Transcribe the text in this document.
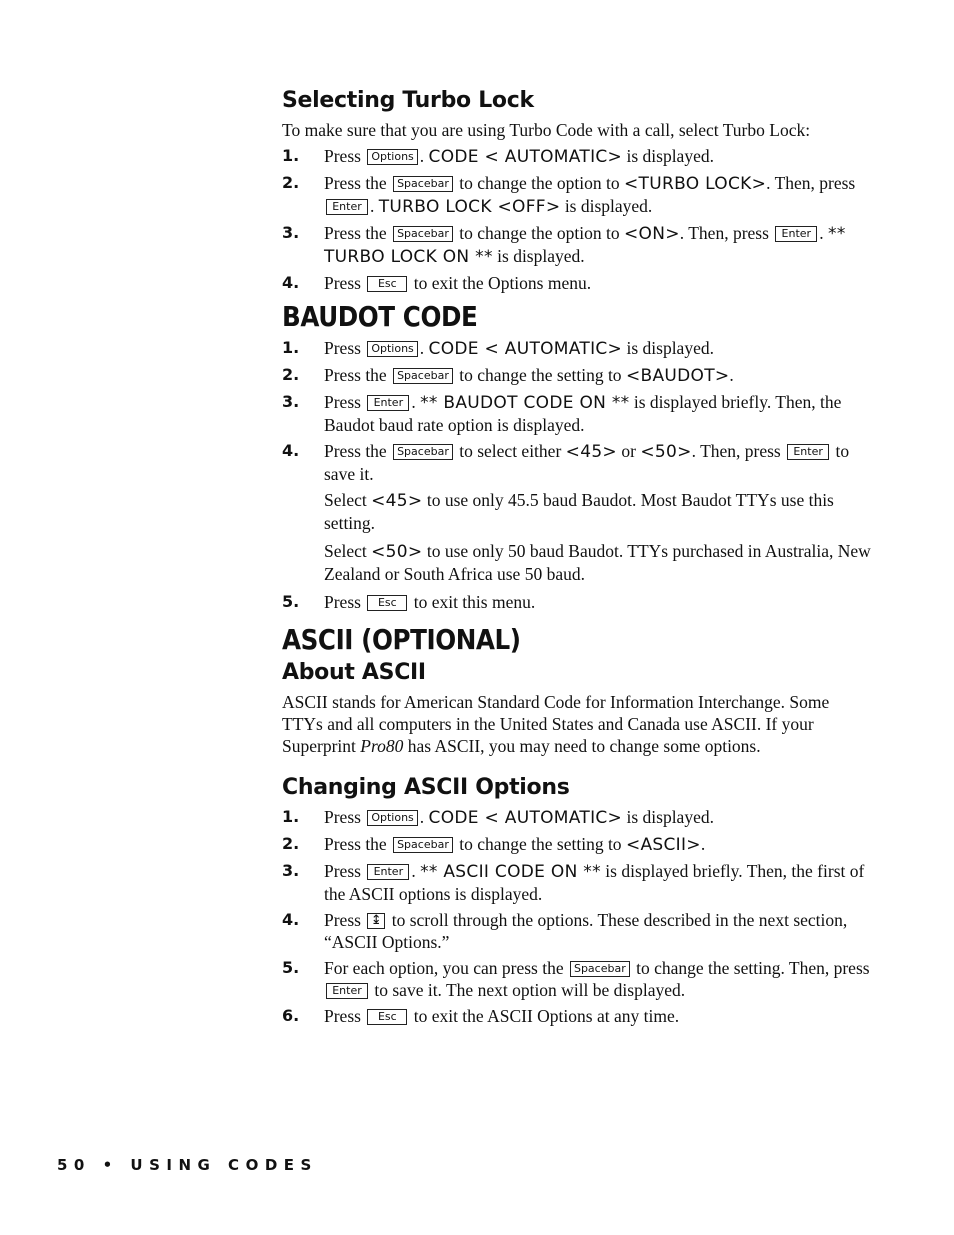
Selecting Turbo Lock

To make sure that you are using Turbo Code with a call, select Turbo Lock:

1. Press Options . CODE < AUTOMATIC> is displayed.
2. Press the Spacebar to change the option to <TURBO LOCK>. Then, press Enter . TURBO LOCK <OFF> is displayed.
3. Press the Spacebar to change the option to <ON>. Then, press Enter . ** TURBO LOCK ON ** is displayed.
4. Press Esc to exit the Options menu.
BAUDOT CODE
1. Press Options . CODE < AUTOMATIC> is displayed.
2. Press the Spacebar to change the setting to <BAUDOT>.
3. Press Enter . ** BAUDOT CODE ON ** is displayed briefly. Then, the Baudot baud rate option is displayed.
4. Press the Spacebar to select either <45> or <50>. Then, press Enter to save it.
Select <45> to use only 45.5 baud Baudot. Most Baudot TTYs use this setting.
Select <50> to use only 50 baud Baudot. TTYs purchased in Australia, New Zealand or South Africa use 50 baud.
5. Press Esc to exit this menu.
ASCII (OPTIONAL)
About ASCII

ASCII stands for American Standard Code for Information Interchange. Some TTYs and all computers in the United States and Canada use ASCII. If your Superprint Pro80 has ASCII, you may need to change some options.

Changing ASCII Options
1. Press Options . CODE < AUTOMATIC> is displayed.
2. Press the Spacebar to change the setting to <ASCII>.
3. Press Enter . ** ASCII CODE ON ** is displayed briefly. Then, the first of the ASCII options is displayed.
4. Press ↨ to scroll through the options. These described in the next section, “ASCII Options.”
5. For each option, you can press the Spacebar to change the setting. Then, press Enter to save it. The next option will be displayed.
6. Press Esc to exit the ASCII Options at any time.
50 • USING CODES
